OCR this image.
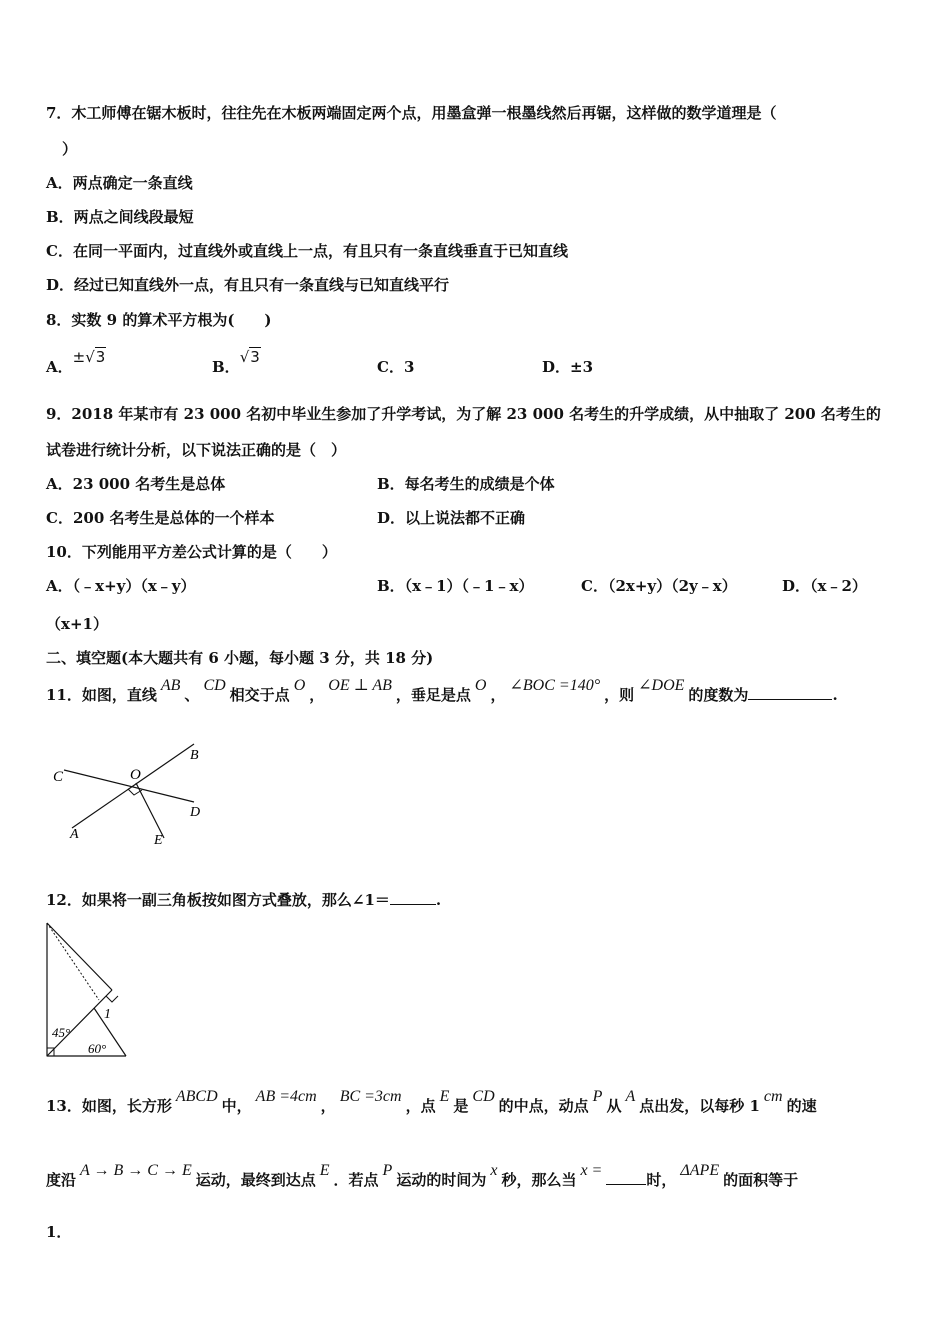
7．木工师傅在锯木板时，往往先在木板两端固定两个点，用墨盒弹一根墨线然后再锯，这样做的数学道理是（
）
A．两点确定一条直线
B．两点之间线段最短
C．在同一平面内，过直线外或直线上一点，有且只有一条直线垂直于已知直线
D．经过已知直线外一点，有且只有一条直线与已知直线平行
8．实数 9 的算术平方根为(　　)
A．±√3
B．√3
C．3	D．±3
9．2018 年某市有 23 000 名初中毕业生参加了升学考试，为了解 23 000 名考生的升学成绩，从中抽取了 200 名考生的
试卷进行统计分析，以下说法正确的是（　）
A．23 000 名考生是总体	B．每名考生的成绩是个体
C．200 名考生是总体的一个样本	D．以上说法都不正确
10．下列能用平方差公式计算的是（　　）
A．（﹣x+y）（x﹣y）	B．（x﹣1）（﹣1﹣x）	C．（2x+y）（2y﹣x）	D．（x﹣2）
（x+1）
二、填空题(本大题共有 6 小题，每小题 3 分，共 18 分)
11．如图，直线AB、CD相交于点O，OE ⊥ AB，垂足是点O，∠BOC =140°，则∠DOE的度数为	.
B
C	O
D
A	E
12．如果将一副三角板按如图方式叠放，那么∠1＝	.
1
45°
60°
13．如图，长方形ABCD中，AB =4cm，BC =3cm，点E是CD的中点，动点P从A点出发，以每秒 1cm的速
度沿A → B → C → E运动，最终到达点E．若点P运动的时间为x秒，那么当x =时，ΔAPE的面积等于
1．
